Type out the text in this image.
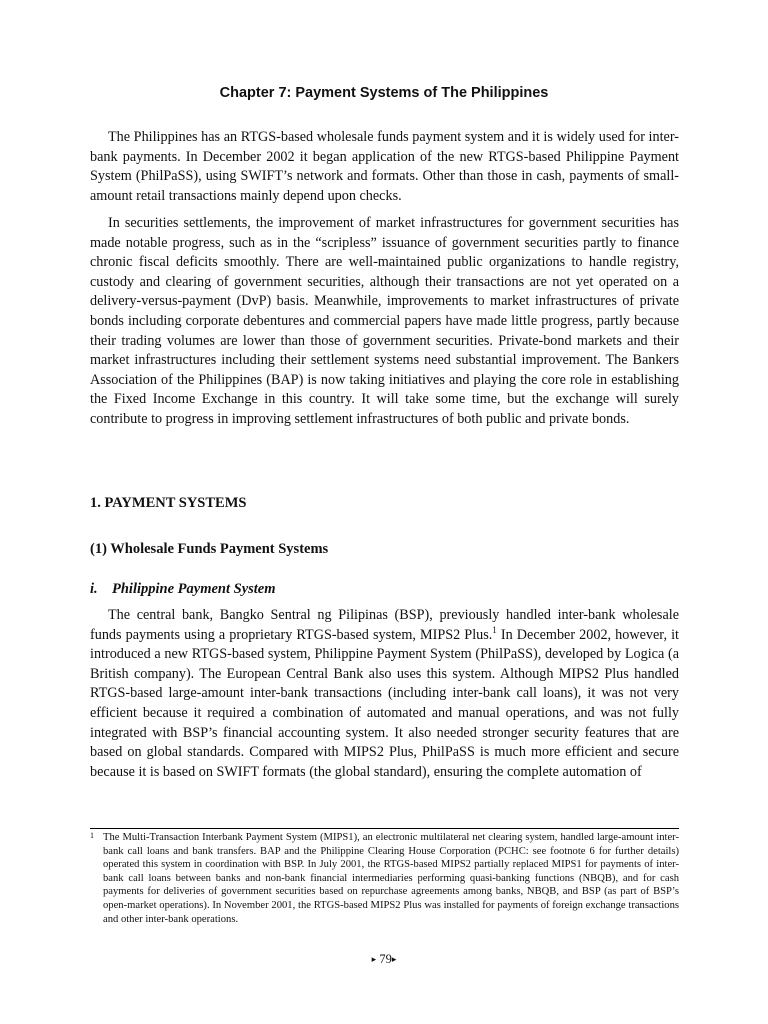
Chapter 7: Payment Systems of The Philippines

The Philippines has an RTGS-based wholesale funds payment system and it is widely used for inter-bank payments. In December 2002 it began application of the new RTGS-based Philippine Payment System (PhilPaSS), using SWIFT’s network and formats. Other than those in cash, payments of small-amount retail transactions mainly depend upon checks.

In securities settlements, the improvement of market infrastructures for government securities has made notable progress, such as in the “scripless” issuance of government securities partly to finance chronic fiscal deficits smoothly. There are well-maintained public organizations to handle registry, custody and clearing of government securities, although their transactions are not yet operated on a delivery-versus-payment (DvP) basis. Meanwhile, improvements to market infrastructures of private bonds including corporate debentures and commercial papers have made little progress, partly because their trading volumes are lower than those of government securities. Private-bond markets and their market infrastructures including their settlement systems need substantial improvement. The Bankers Association of the Philippines (BAP) is now taking initiatives and playing the core role in establishing the Fixed Income Exchange in this country. It will take some time, but the exchange will surely contribute to progress in improving settlement infrastructures of both public and private bonds.

1. PAYMENT SYSTEMS

(1) Wholesale Funds Payment Systems

i. Philippine Payment System

The central bank, Bangko Sentral ng Pilipinas (BSP), previously handled inter-bank wholesale funds payments using a proprietary RTGS-based system, MIPS2 Plus.$^1$ In December 2002, however, it introduced a new RTGS-based system, Philippine Payment System (PhilPaSS), developed by Logica (a British company). The European Central Bank also uses this system. Although MIPS2 Plus handled RTGS-based large-amount inter-bank transactions (including inter-bank call loans), it was not very efficient because it required a combination of automated and manual operations, and was not fully integrated with BSP’s financial accounting system. It also needed stronger security features that are based on global standards. Compared with MIPS2 Plus, PhilPaSS is much more efficient and secure because it is based on SWIFT formats (the global standard), ensuring the complete automation of

1 The Multi-Transaction Interbank Payment System (MIPS1), an electronic multilateral net clearing system, handled large-amount inter-bank call loans and bank transfers. BAP and the Philippine Clearing House Corporation (PCHC: see footnote 6 for further details) operated this system in coordination with BSP. In July 2001, the RTGS-based MIPS2 partially replaced MIPS1 for payments of inter-bank call loans between banks and non-bank financial intermediaries performing quasi-banking functions (NBQB), and for cash payments for deliveries of government securities based on repurchase agreements among banks, NBQB, and BSP (as part of BSP’s open-market operations). In November 2001, the RTGS-based MIPS2 Plus was installed for payments of foreign exchange transactions and other inter-bank operations.
▸ 79▸
